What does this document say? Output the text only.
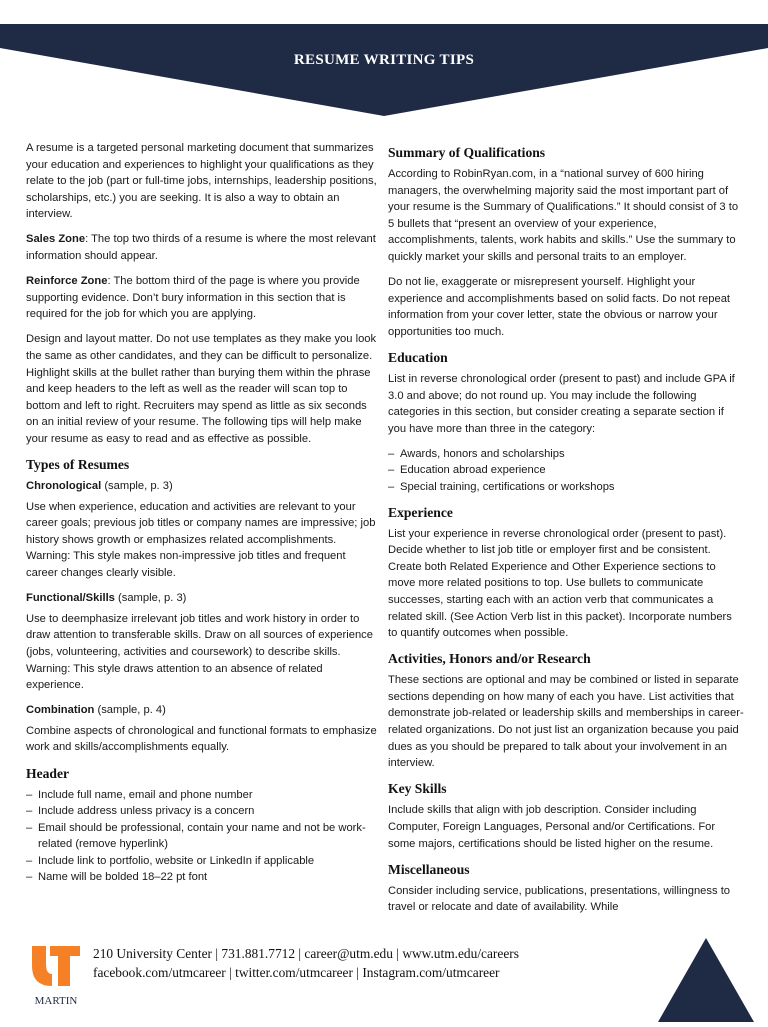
RESUME WRITING TIPS

A resume is a targeted personal marketing document that summarizes your education and experiences to highlight your qualifications as they relate to the job (part or full-time jobs, internships, leadership positions, scholarships, etc.) you are seeking. It is also a way to obtain an interview.

Sales Zone: The top two thirds of a resume is where the most relevant information should appear.

Reinforce Zone: The bottom third of the page is where you provide supporting evidence. Don’t bury information in this section that is required for the job for which you are applying.

Design and layout matter. Do not use templates as they make you look the same as other candidates, and they can be difficult to personalize. Highlight skills at the bullet rather than burying them within the phrase and keep headers to the left as well as the reader will scan top to bottom and left to right. Recruiters may spend as little as six seconds on an initial review of your resume. The following tips will help make your resume as easy to read and as effective as possible.

Types of Resumes
Chronological (sample, p. 3)

Use when experience, education and activities are relevant to your career goals; previous job titles or company names are impressive; job history shows growth or emphasizes related accomplishments. Warning: This style makes non-impressive job titles and frequent career changes clearly visible.

Functional/Skills (sample, p. 3)

Use to deemphasize irrelevant job titles and work history in order to draw attention to transferable skills. Draw on all sources of experience (jobs, volunteering, activities and coursework) to describe skills. Warning: This style draws attention to an absence of related experience.

Combination (sample, p. 4)

Combine aspects of chronological and functional formats to emphasize work and skills/accomplishments equally.

Header
– Include full name, email and phone number
– Include address unless privacy is a concern
– Email should be professional, contain your name and not be work-related (remove hyperlink)
– Include link to portfolio, website or LinkedIn if applicable
– Name will be bolded 18–22 pt font
Summary of Qualifications

According to RobinRyan.com, in a “national survey of 600 hiring managers, the overwhelming majority said the most important part of your resume is the Summary of Qualifications.” It should consist of 3 to 5 bullets that “present an overview of your experience, accomplishments, talents, work habits and skills.” Use the summary to quickly market your skills and personal traits to an employer.

Do not lie, exaggerate or misrepresent yourself. Highlight your experience and accomplishments based on solid facts. Do not repeat information from your cover letter, state the obvious or narrow your opportunities too much.

Education

List in reverse chronological order (present to past) and include GPA if 3.0 and above; do not round up. You may include the following categories in this section, but consider creating a separate section if you have more than three in the category:

– Awards, honors and scholarships
– Education abroad experience
– Special training, certifications or workshops
Experience

List your experience in reverse chronological order (present to past). Decide whether to list job title or employer first and be consistent. Create both Related Experience and Other Experience sections to move more related positions to top. Use bullets to communicate successes, starting each with an action verb that communicates a related skill. (See Action Verb list in this packet). Incorporate numbers to quantify outcomes when possible.

Activities, Honors and/or Research

These sections are optional and may be combined or listed in separate sections depending on how many of each you have. List activities that demonstrate job-related or leadership skills and memberships in career-related organizations. Do not just list an organization because you paid dues as you should be prepared to talk about your involvement in an interview.

Key Skills

Include skills that align with job description. Consider including Computer, Foreign Languages, Personal and/or Certifications. For some majors, certifications should be listed higher on the resume.

Miscellaneous

Consider including service, publications, presentations, willingness to travel or relocate and date of availability. While

MARTIN
210 University Center | 731.881.7712 | career@utm.edu | www.utm.edu/careers
facebook.com/utmcareer | twitter.com/utmcareer | Instagram.com/utmcareer
